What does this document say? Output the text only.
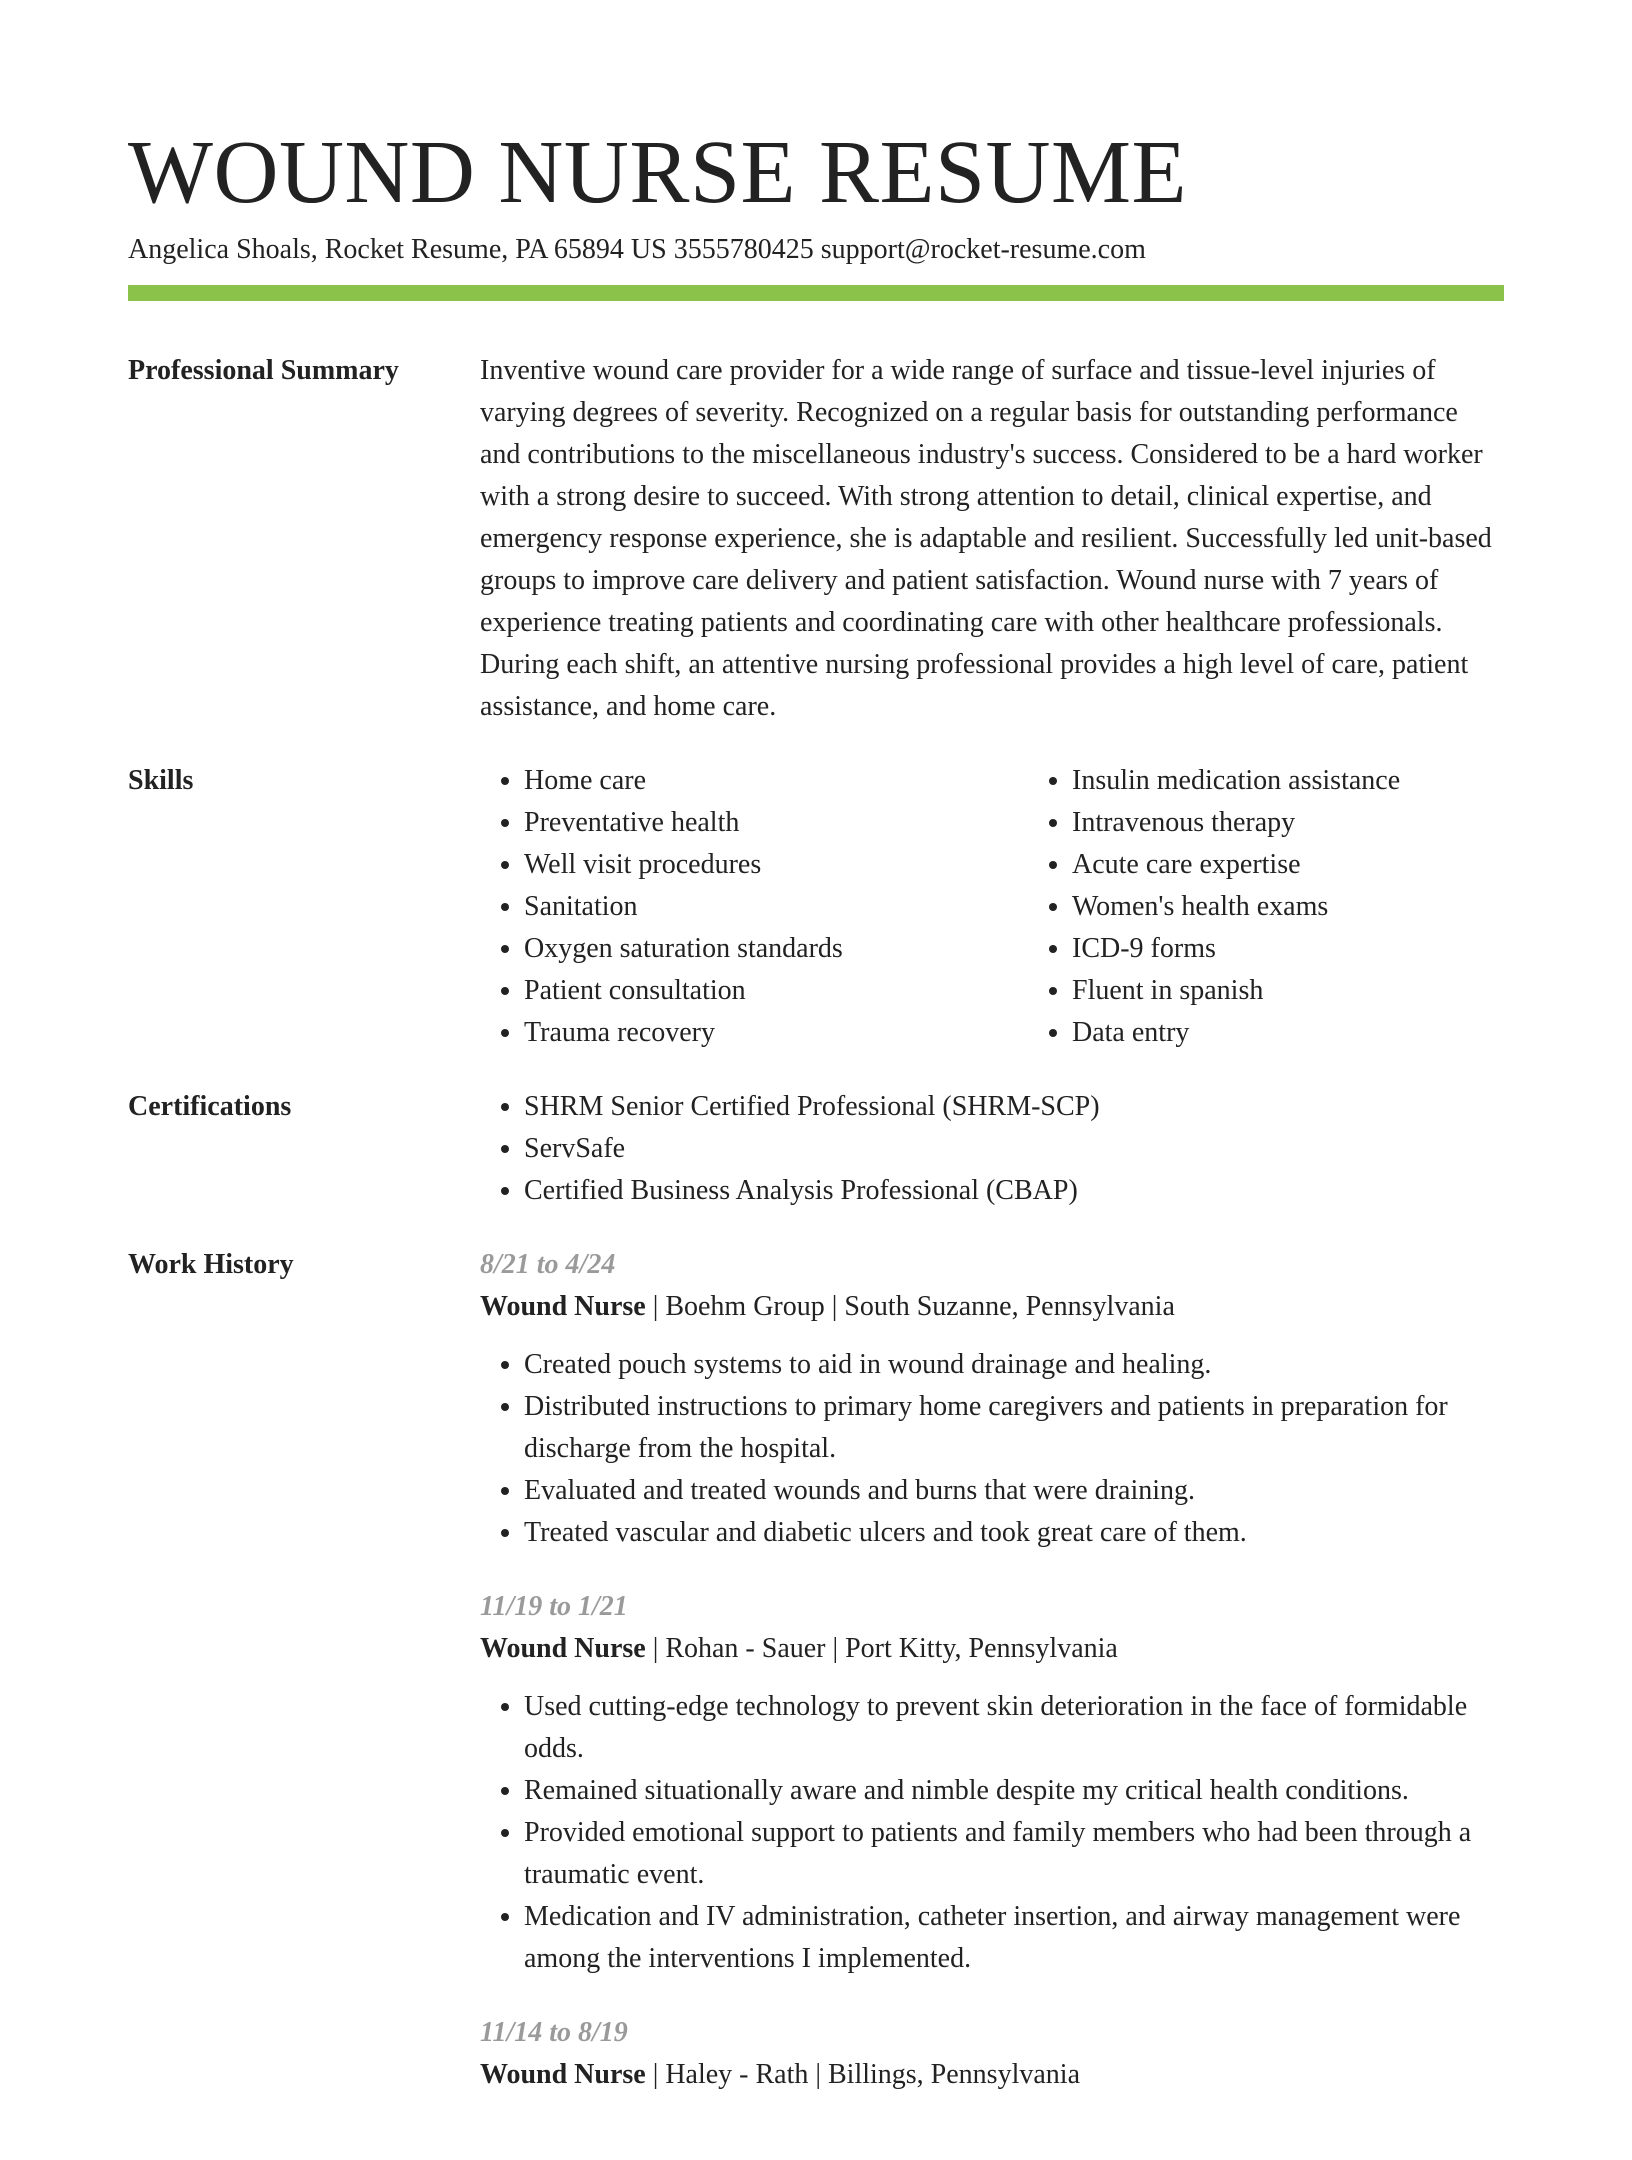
WOUND NURSE RESUME
Angelica Shoals, Rocket Resume, PA 65894 US 3555780425 support@rocket-resume.com
Professional Summary	Inventive wound care provider for a wide range of surface and tissue-level injuries of varying degrees of severity. Recognized on a regular basis for outstanding performance and contributions to the miscellaneous industry's success. Considered to be a hard worker with a strong desire to succeed. With strong attention to detail, clinical expertise, and emergency response experience, she is adaptable and resilient. Successfully led unit-based groups to improve care delivery and patient satisfaction. Wound nurse with 7 years of experience treating patients and coordinating care with other healthcare professionals. During each shift, an attentive nursing professional provides a high level of care, patient assistance, and home care.

Skills	• Home care
• Preventative health
• Well visit procedures
• Sanitation
• Oxygen saturation standards
• Patient consultation
• Trauma recovery
• Insulin medication assistance
• Intravenous therapy
• Acute care expertise
• Women's health exams
• ICD-9 forms
• Fluent in spanish
• Data entry
Certifications	• SHRM Senior Certified Professional (SHRM-SCP)
• ServSafe
• Certified Business Analysis Professional (CBAP)
Work History	8/21 to 4/24
Wound Nurse | Boehm Group | South Suzanne, Pennsylvania
• Created pouch systems to aid in wound drainage and healing.
• Distributed instructions to primary home caregivers and patients in preparation for discharge from the hospital.
• Evaluated and treated wounds and burns that were draining.
• Treated vascular and diabetic ulcers and took great care of them.
11/19 to 1/21
Wound Nurse | Rohan - Sauer | Port Kitty, Pennsylvania
• Used cutting-edge technology to prevent skin deterioration in the face of formidable odds.
• Remained situationally aware and nimble despite my critical health conditions.
• Provided emotional support to patients and family members who had been through a traumatic event.
• Medication and IV administration, catheter insertion, and airway management were among the interventions I implemented.
11/14 to 8/19
Wound Nurse | Haley - Rath | Billings, Pennsylvania
